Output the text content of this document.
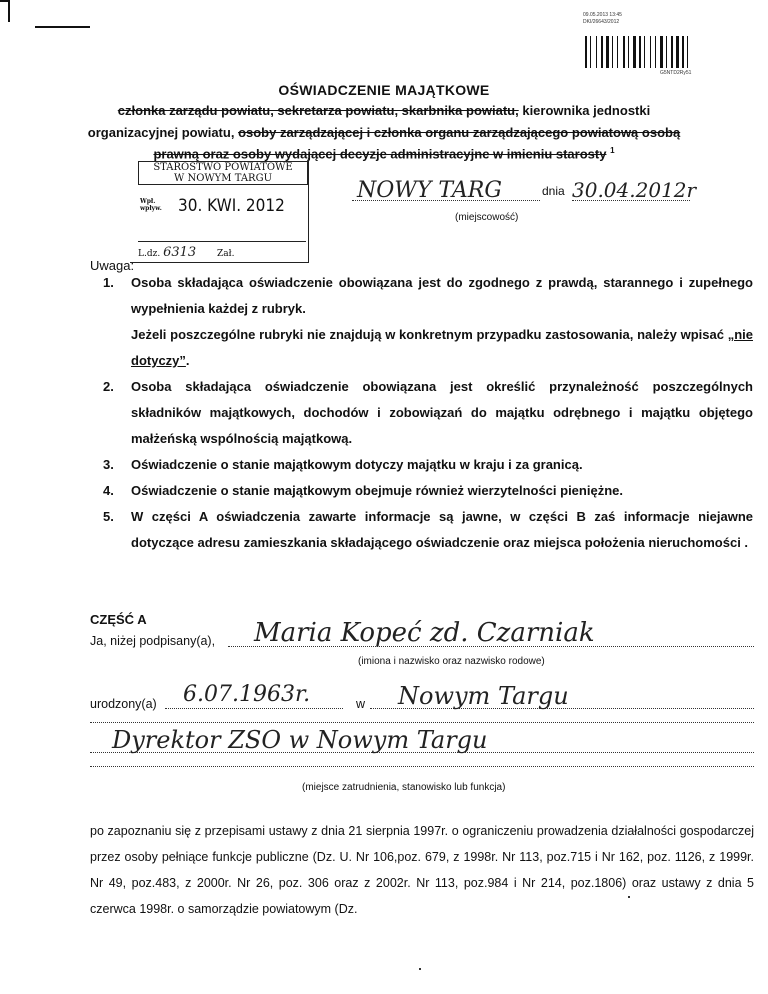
09.05.2013 13:45
DKI/26643/2012
G5NTD2Ry51
OŚWIADCZENIE MAJĄTKOWE
członka zarządu powiatu, sekretarza powiatu, skarbnika powiatu, kierownika jednostki
organizacyjnej powiatu, osoby zarządzającej i członka organu zarządzającego powiatową osobą
prawną oraz osoby wydającej decyzje administracyjne w imieniu starosty $^1$
STAROSTWO POWIATOWE
W NOWYM TARGU
Wpł.
wpływ. 30. KWI. 2012
L.dz. 6313 Zał.
NOWY TARG	dnia 30.04.2012r
(miejscowość)
Uwaga:
1.	Osoba składająca oświadczenie obowiązana jest do zgodnego z prawdą, starannego i zupełnego wypełnienia każdej z rubryk.
Jeżeli poszczególne rubryki nie znajdują w konkretnym przypadku zastosowania, należy wpisać „nie dotyczy”.
2.	Osoba składająca oświadczenie obowiązana jest określić przynależność poszczególnych składników majątkowych, dochodów i zobowiązań do majątku odrębnego i majątku objętego małżeńską wspólnością majątkową.
3.	Oświadczenie o stanie majątkowym dotyczy majątku w kraju i za granicą.
4.	Oświadczenie o stanie majątkowym obejmuje również wierzytelności pieniężne.
5.	W części A oświadczenia zawarte informacje są jawne, w części B zaś informacje niejawne dotyczące adresu zamieszkania składającego oświadczenie oraz miejsca położenia nieruchomości .
CZĘŚĆ A
Ja, niżej podpisany(a),	Maria Kopeć zd. Czarniak
(imiona i nazwisko oraz nazwisko rodowe)
urodzony(a)	6.07.1963r.	w	Nowym Targu
Dyrektor ZSO w Nowym Targu
(miejsce zatrudnienia, stanowisko lub funkcja)
po zapoznaniu się z przepisami ustawy z dnia 21 sierpnia 1997r. o ograniczeniu prowadzenia działalności gospodarczej przez osoby pełniące funkcje publiczne (Dz. U. Nr 106,poz. 679, z 1998r. Nr 113, poz.715 i Nr 162, poz. 1126, z 1999r. Nr 49, poz.483, z 2000r. Nr 26, poz. 306 oraz z 2002r. Nr 113, poz.984 i Nr 214, poz.1806) oraz ustawy z dnia 5 czerwca 1998r. o samorządzie powiatowym (Dz.
